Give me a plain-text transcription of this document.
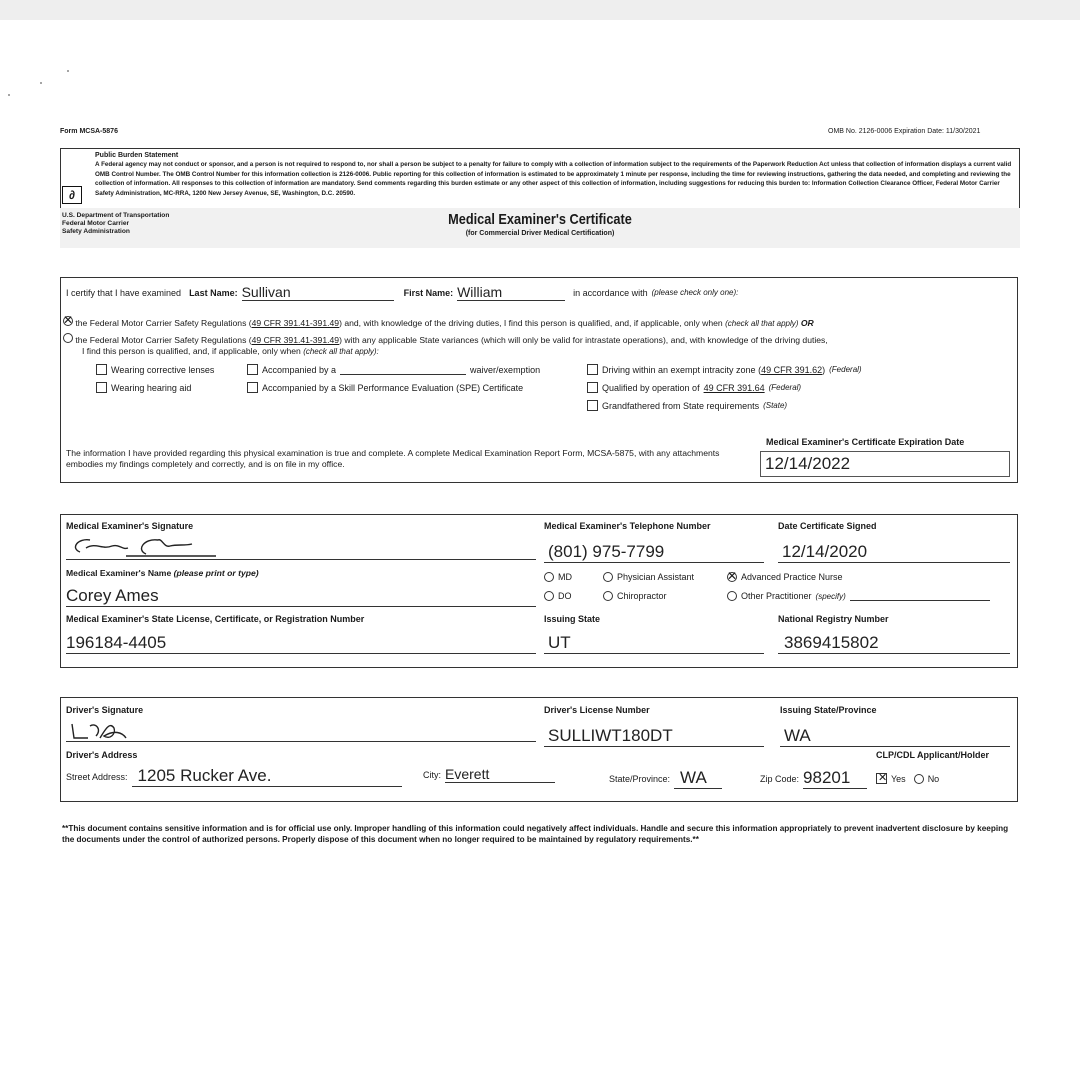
Form MCSA-5876	OMB No. 2126-0006 Expiration Date: 11/30/2021
Public Burden Statement
A Federal agency may not conduct or sponsor, and a person is not required to respond to, nor shall a person be subject to a penalty for failure to comply with a collection of information subject to the requirements of the Paperwork Reduction Act unless that collection of information displays a current valid OMB Control Number. The OMB Control Number for this information collection is 2126-0006. Public reporting for this collection of information is estimated to be approximately 1 minute per response, including the time for reviewing instructions, gathering the data needed, and completing and reviewing the collection of information. All responses to this collection of information are mandatory. Send comments regarding this burden estimate or any other aspect of this collection of information, including suggestions for reducing this burden to: Information Collection Clearance Officer, Federal Motor Carrier Safety Administration, MC-RRA, 1200 New Jersey Avenue, SE, Washington, D.C. 20590.
∂
U.S. Department of Transportation
Federal Motor Carrier
Safety Administration
Medical Examiner's Certificate
(for Commercial Driver Medical Certification)
I certify that I have examined Last Name: Sullivan	First Name: William	in accordance with (please check only one):
✕ the Federal Motor Carrier Safety Regulations (49 CFR 391.41-391.49) and, with knowledge of the driving duties, I find this person is qualified, and, if applicable, only when (check all that apply) OR
the Federal Motor Carrier Safety Regulations (49 CFR 391.41-391.49) with any applicable State variances (which will only be valid for intrastate operations), and, with knowledge of the driving duties,
I find this person is qualified, and, if applicable, only when (check all that apply):
Wearing corrective lenses
Wearing hearing aid
Accompanied by a	waiver/exemption
Accompanied by a Skill Performance Evaluation (SPE) Certificate
Driving within an exempt intracity zone (49 CFR 391.62) (Federal)
Qualified by operation of 49 CFR 391.64 (Federal)
Grandfathered from State requirements (State)
The information I have provided regarding this physical examination is true and complete. A complete Medical Examination Report Form, MCSA-5875, with any attachments embodies my findings completely and correctly, and is on file in my office.
Medical Examiner's Certificate Expiration Date
12/14/2022
Medical Examiner's Signature	Medical Examiner's Telephone Number
(801) 975-7799
Date Certificate Signed
12/14/2020
Medical Examiner's Name (please print or type)
Corey Ames
MD
DO
Physician Assistant
Chiropractor
✕
Advanced Practice Nurse
Other Practitioner (specify)
Medical Examiner's State License, Certificate, or Registration Number
196184-4405
Issuing State
UT
National Registry Number
3869415802
Driver's Signature	Driver's License Number
SULLIWT180DT
Issuing State/Province
WA
Driver's Address	CLP/CDL Applicant/Holder
Street Address: 1205 Rucker Ave.	City: Everett	State/Province: WA	Zip Code: 98201	✕ Yes No
**This document contains sensitive information and is for official use only. Improper handling of this information could negatively affect individuals. Handle and secure this information appropriately to prevent inadvertent disclosure by keeping the documents under the control of authorized persons. Properly dispose of this document when no longer required to be maintained by regulatory requirements.**
